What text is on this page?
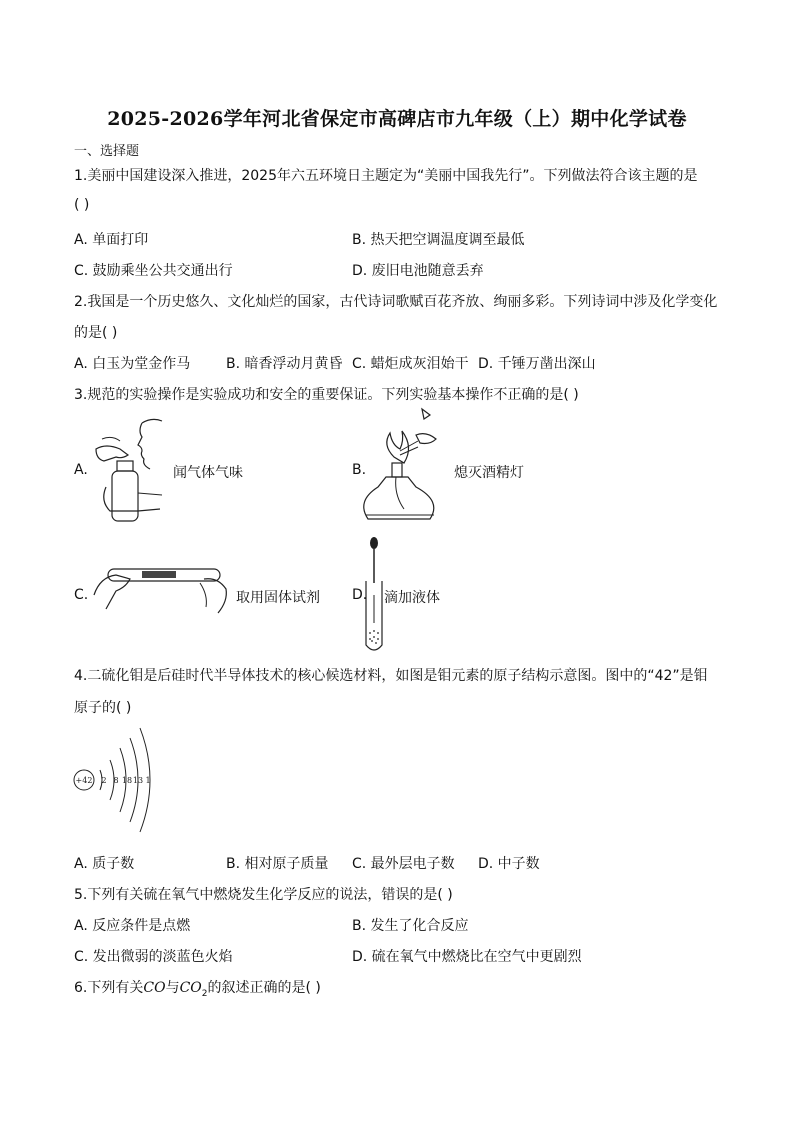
2025-2026学年河北省保定市高碑店市九年级（上）期中化学试卷
一、选择题
1.美丽中国建设深入推进，2025年六五环境日主题定为“美丽中国我先行”。下列做法符合该主题的是
( )
A. 单面打印	B. 热天把空调温度调至最低
C. 鼓励乘坐公共交通出行	D. 废旧电池随意丢弃
2.我国是一个历史悠久、文化灿烂的国家，古代诗词歌赋百花齐放、绚丽多彩。下列诗词中涉及化学变化
的是( )
A. 白玉为堂金作马	B. 暗香浮动月黄昏 C. 蜡炬成灰泪始干 D. 千锤万凿出深山
3.规范的实验操作是实验成功和安全的重要保证。下列实验基本操作不正确的是( )
A.	闻气体气味	B.	熄灭酒精灯
C.	取用固体试剂 D. 滴加液体
4.二硫化钼是后硅时代半导体技术的核心候选材料，如图是钼元素的原子结构示意图。图中的“42”是钼
原子的( )
+42 2 8 18 13 1
A. 质子数	B. 相对原子质量 C. 最外层电子数 D. 中子数
5.下列有关硫在氧气中燃烧发生化学反应的说法，错误的是( )
A. 反应条件是点燃	B. 发生了化合反应
C. 发出微弱的淡蓝色火焰	D. 硫在氧气中燃烧比在空气中更剧烈
6.下列有关CO与$CO_2$的叙述正确的是( )
